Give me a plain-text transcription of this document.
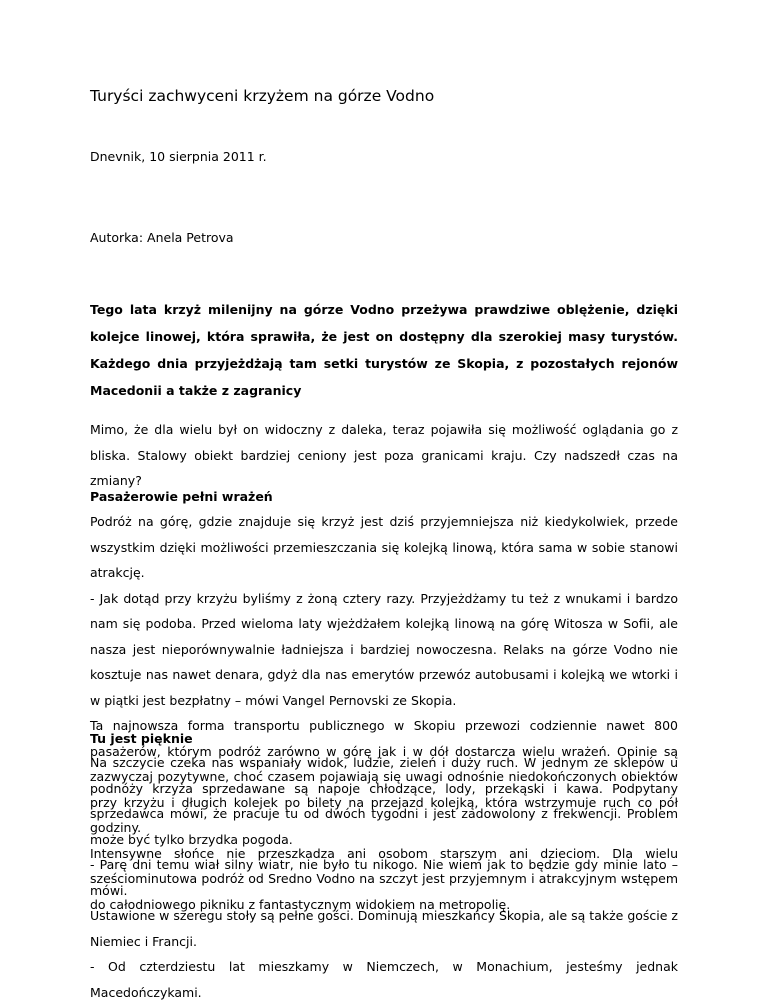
Turyści zachwyceni krzyżem na górze Vodno
Dnevnik, 10 sierpnia 2011 r.
Autorka: Anela Petrova
Tego lata krzyż milenijny na górze Vodno przeżywa prawdziwe oblężenie, dzięki kolejce linowej, która sprawiła, że jest on dostępny dla szerokiej masy turystów. Każdego dnia przyjeżdżają tam setki turystów ze Skopia, z pozostałych rejonów Macedonii a także z zagranicy

Mimo, że dla wielu był on widoczny z daleka, teraz pojawiła się możliwość oglądania go z bliska. Stalowy obiekt bardziej ceniony jest poza granicami kraju. Czy nadszedł czas na zmiany?

Pasażerowie pełni wrażeń

Podróż na górę, gdzie znajduje się krzyż jest dziś przyjemniejsza niż kiedykolwiek, przede wszystkim dzięki możliwości przemieszczania się kolejką linową, która sama w sobie stanowi atrakcję.

- Jak dotąd przy krzyżu byliśmy z żoną cztery razy. Przyjeżdżamy tu też z wnukami i bardzo nam się podoba. Przed wieloma laty wjeżdżałem kolejką linową na górę Witosza w Sofii, ale nasza jest nieporównywalnie ładniejsza i bardziej nowoczesna. Relaks na górze Vodno nie kosztuje nas nawet denara, gdyż dla nas emerytów przewóz autobusami i kolejką we wtorki i w piątki jest bezpłatny – mówi Vangel Pernovski ze Skopia.

Ta najnowsza forma transportu publicznego w Skopiu przewozi codziennie nawet 800 pasażerów, którym podróż zarówno w górę jak i w dół dostarcza wielu wrażeń. Opinie są zazwyczaj pozytywne, choć czasem pojawiają się uwagi odnośnie niedokończonych obiektów przy krzyżu i długich kolejek po bilety na przejazd kolejką, która wstrzymuje ruch co pół godziny.

Intensywne słońce nie przeszkadza ani osobom starszym ani dzieciom. Dla wielu sześciominutowa podróż od Sredno Vodno na szczyt jest przyjemnym i atrakcyjnym wstępem do całodniowego pikniku z fantastycznym widokiem na metropolię.

Tu jest pięknie

Na szczycie czeka nas wspaniały widok, ludzie, zieleń i duży ruch. W jednym ze sklepów u podnóży krzyża sprzedawane są napoje chłodzące, lody, przekąski i kawa. Podpytany sprzedawca mówi, że pracuje tu od dwóch tygodni i jest zadowolony z frekwencji. Problem może być tylko brzydka pogoda.

- Parę dni temu wiał silny wiatr, nie było tu nikogo. Nie wiem jak to będzie gdy minie lato – mówi.

Ustawione w szeregu stoły są pełne gości. Dominują mieszkańcy Skopia, ale są także goście z Niemiec i Francji.

- Od czterdziestu lat mieszkamy w Niemczech, w Monachium, jesteśmy jednak Macedończykami.
